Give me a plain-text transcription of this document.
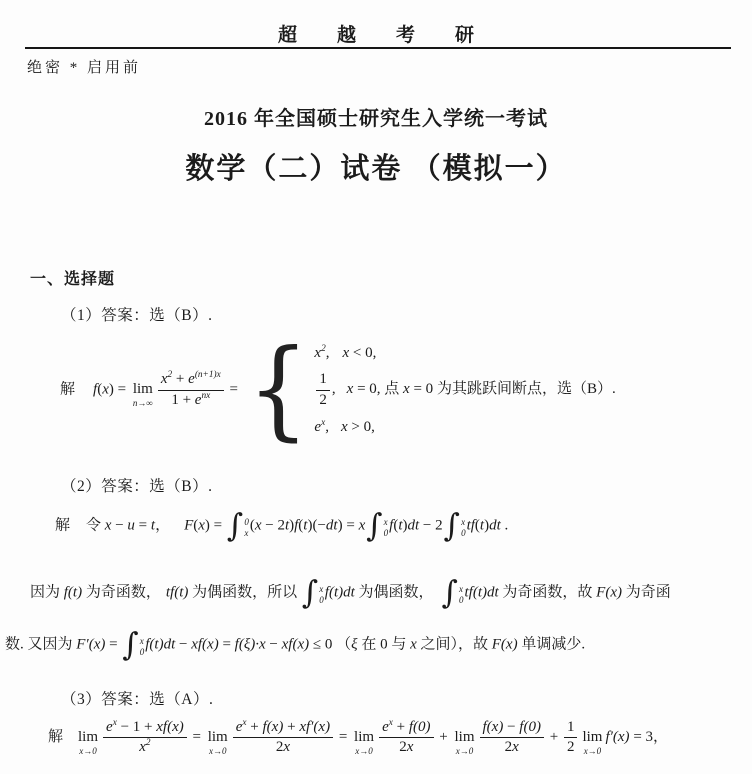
超越考研
绝密 * 启用前
2016 年全国硕士研究生入学统一考试
数学（二）试卷 （模拟一）
一、选择题
（1）答案：选（B）.
解 f(x) = lim
n→∞
$x^2 + e^{(n+1)x}$
$1 + e^{nx}$ = { $x^2$, x < 0,
$\frac{1}{2}$ , x = 0, 点 x = 0 为其跳跃间断点，选（B）.
$e^x$, x > 0,
（2）答案：选（B）.
解 令 x − u = t， F(x) = ∫ 0
x (x − 2t)f(t)(−dt) = x ∫ x
0 f(t)dt − 2 ∫ x
0 tf(t)dt .
因为 f(t) 为奇函数， tf(t) 为偶函数，所以 ∫ x
0 f(t)dt 为偶函数， ∫ x
0 tf(t)dt 为奇函数，故 F(x) 为奇函
数. 又因为 F′(x) = ∫ x
0 f(t)dt − xf(x) = f(ξ)·x − xf(x) ≤ 0 （ξ 在 0 与 x 之间），故 F(x) 单调减少.
（3）答案：选（A）.
解 lim
$x\to 0 \frac{e^x - 1 + xf(x)}{x^2} = \lim$
$x\to 0 \frac{e^x + f(x) + xf'(x)}{2x} = \lim$
$x\to 0 \frac{e^x + f(0)}{2x} + \lim$
$x\to 0 \frac{f(x) - f(0)}{2x} + \frac{1}{2}$ lim
x→0
f′(x) = 3，
